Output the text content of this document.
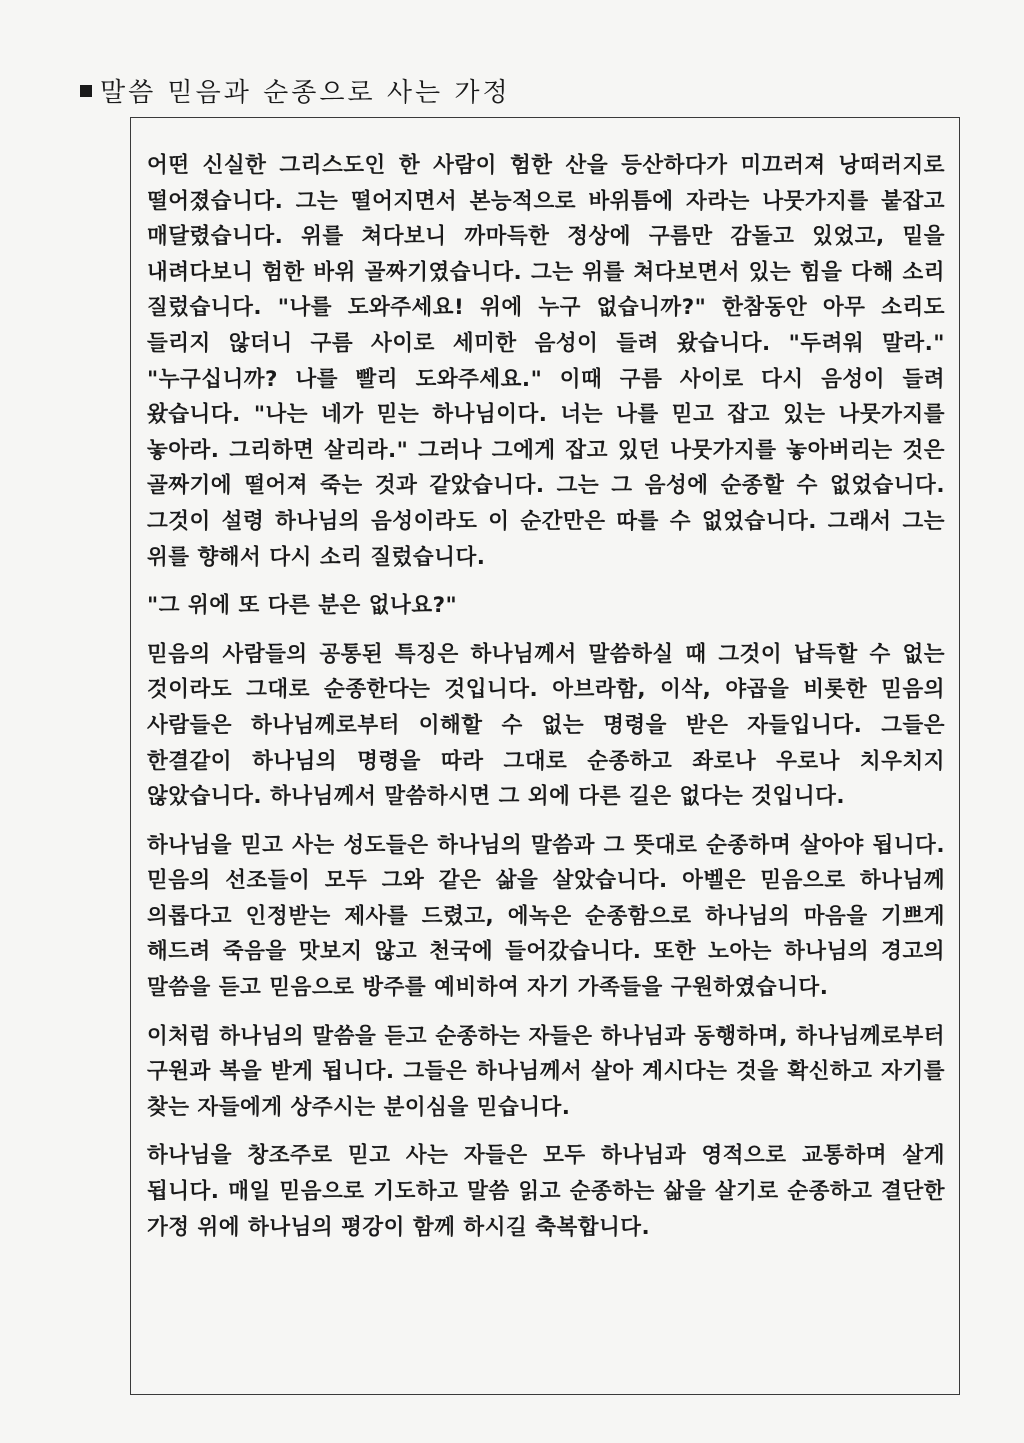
말씀 믿음과 순종으로 사는 가정

어떤 신실한 그리스도인 한 사람이 험한 산을 등산하다가 미끄러져 낭떠러지로 떨어졌습니다. 그는 떨어지면서 본능적으로 바위틈에 자라는 나뭇가지를 붙잡고 매달렸습니다. 위를 쳐다보니 까마득한 정상에 구름만 감돌고 있었고, 밑을 내려다보니 험한 바위 골짜기였습니다. 그는 위를 쳐다보면서 있는 힘을 다해 소리 질렀습니다. "나를 도와주세요! 위에 누구 없습니까?" 한참동안 아무 소리도 들리지 않더니 구름 사이로 세미한 음성이 들려 왔습니다. "두려워 말라." "누구십니까? 나를 빨리 도와주세요." 이때 구름 사이로 다시 음성이 들려 왔습니다. "나는 네가 믿는 하나님이다. 너는 나를 믿고 잡고 있는 나뭇가지를 놓아라. 그리하면 살리라." 그러나 그에게 잡고 있던 나뭇가지를 놓아버리는 것은 골짜기에 떨어져 죽는 것과 같았습니다. 그는 그 음성에 순종할 수 없었습니다. 그것이 설령 하나님의 음성이라도 이 순간만은 따를 수 없었습니다. 그래서 그는 위를 향해서 다시 소리 질렀습니다.

"그 위에 또 다른 분은 없나요?"

믿음의 사람들의 공통된 특징은 하나님께서 말씀하실 때 그것이 납득할 수 없는 것이라도 그대로 순종한다는 것입니다. 아브라함, 이삭, 야곱을 비롯한 믿음의 사람들은 하나님께로부터 이해할 수 없는 명령을 받은 자들입니다. 그들은 한결같이 하나님의 명령을 따라 그대로 순종하고 좌로나 우로나 치우치지 않았습니다. 하나님께서 말씀하시면 그 외에 다른 길은 없다는 것입니다.

하나님을 믿고 사는 성도들은 하나님의 말씀과 그 뜻대로 순종하며 살아야 됩니다. 믿음의 선조들이 모두 그와 같은 삶을 살았습니다. 아벨은 믿음으로 하나님께 의롭다고 인정받는 제사를 드렸고, 에녹은 순종함으로 하나님의 마음을 기쁘게 해드려 죽음을 맛보지 않고 천국에 들어갔습니다. 또한 노아는 하나님의 경고의 말씀을 듣고 믿음으로 방주를 예비하여 자기 가족들을 구원하였습니다.

이처럼 하나님의 말씀을 듣고 순종하는 자들은 하나님과 동행하며, 하나님께로부터 구원과 복을 받게 됩니다. 그들은 하나님께서 살아 계시다는 것을 확신하고 자기를 찾는 자들에게 상주시는 분이심을 믿습니다.

하나님을 창조주로 믿고 사는 자들은 모두 하나님과 영적으로 교통하며 살게 됩니다. 매일 믿음으로 기도하고 말씀 읽고 순종하는 삶을 살기로 순종하고 결단한 가정 위에 하나님의 평강이 함께 하시길 축복합니다.
